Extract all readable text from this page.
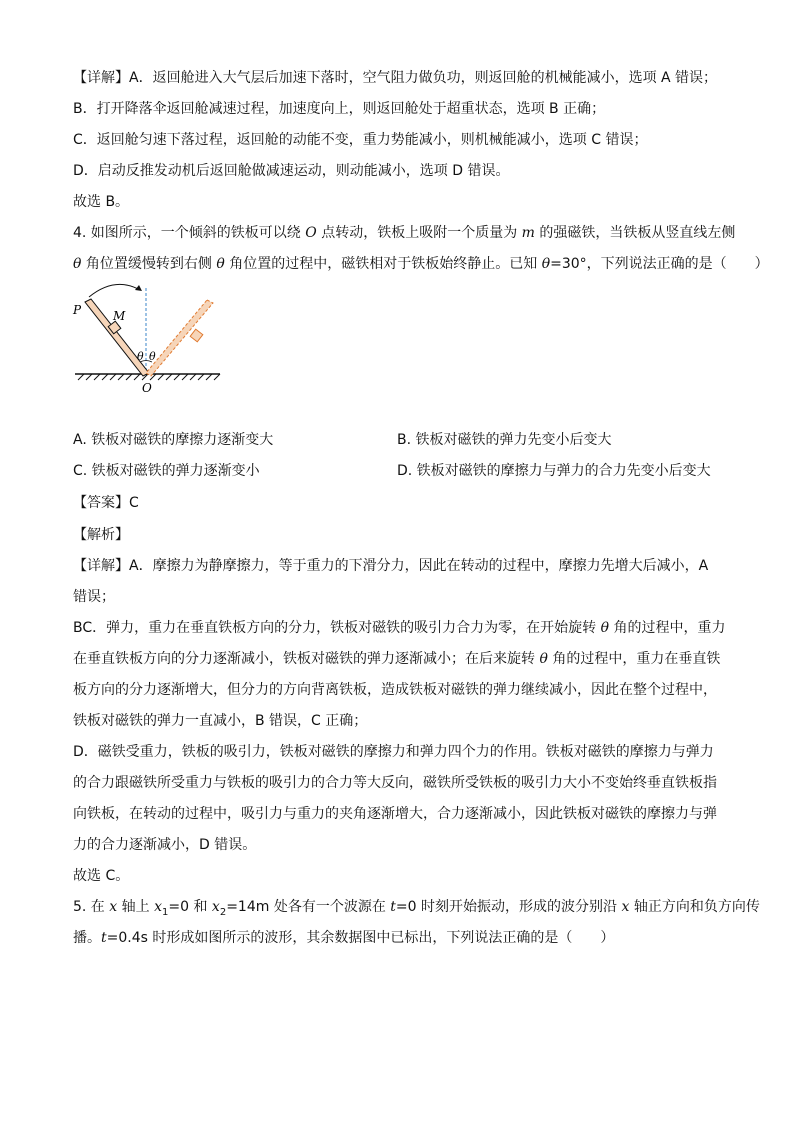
【详解】A．返回舱进入大气层后加速下落时，空气阻力做负功，则返回舱的机械能减小，选项 A 错误；
B．打开降落伞返回舱减速过程，加速度向上，则返回舱处于超重状态，选项 B 正确；
C．返回舱匀速下落过程，返回舱的动能不变，重力势能减小，则机械能减小，选项 C 错误；
D．启动反推发动机后返回舱做减速运动，则动能减小，选项 D 错误。
故选 B。
4. 如图所示，一个倾斜的铁板可以绕 O 点转动，铁板上吸附一个质量为 m 的强磁铁，当铁板从竖直线左侧
θ 角位置缓慢转到右侧 θ 角位置的过程中，磁铁相对于铁板始终静止。已知 θ=30°，下列说法正确的是（　　）
P	M
θ θ
O
A. 铁板对磁铁的摩擦力逐渐变大	B. 铁板对磁铁的弹力先变小后变大
C. 铁板对磁铁的弹力逐渐变小	D. 铁板对磁铁的摩擦力与弹力的合力先变小后变大
【答案】C
【解析】
【详解】A．摩擦力为静摩擦力，等于重力的下滑分力，因此在转动的过程中，摩擦力先增大后减小，A
错误；
BC．弹力，重力在垂直铁板方向的分力，铁板对磁铁的吸引力合力为零，在开始旋转 θ 角的过程中，重力
在垂直铁板方向的分力逐渐减小，铁板对磁铁的弹力逐渐减小；在后来旋转 θ 角的过程中，重力在垂直铁
板方向的分力逐渐增大，但分力的方向背离铁板，造成铁板对磁铁的弹力继续减小，因此在整个过程中，
铁板对磁铁的弹力一直减小，B 错误，C 正确；
D．磁铁受重力，铁板的吸引力，铁板对磁铁的摩擦力和弹力四个力的作用。铁板对磁铁的摩擦力与弹力
的合力跟磁铁所受重力与铁板的吸引力的合力等大反向，磁铁所受铁板的吸引力大小不变始终垂直铁板指
向铁板，在转动的过程中，吸引力与重力的夹角逐渐增大，合力逐渐减小，因此铁板对磁铁的摩擦力与弹
力的合力逐渐减小，D 错误。
故选 C。
5. 在 x 轴上 $x_1=0$ 和 $x_2=14m$ 处各有一个波源在 t=0 时刻开始振动，形成的波分别沿 x 轴正方向和负方向传
播。t=0.4s 时形成如图所示的波形，其余数据图中已标出，下列说法正确的是（　　）
